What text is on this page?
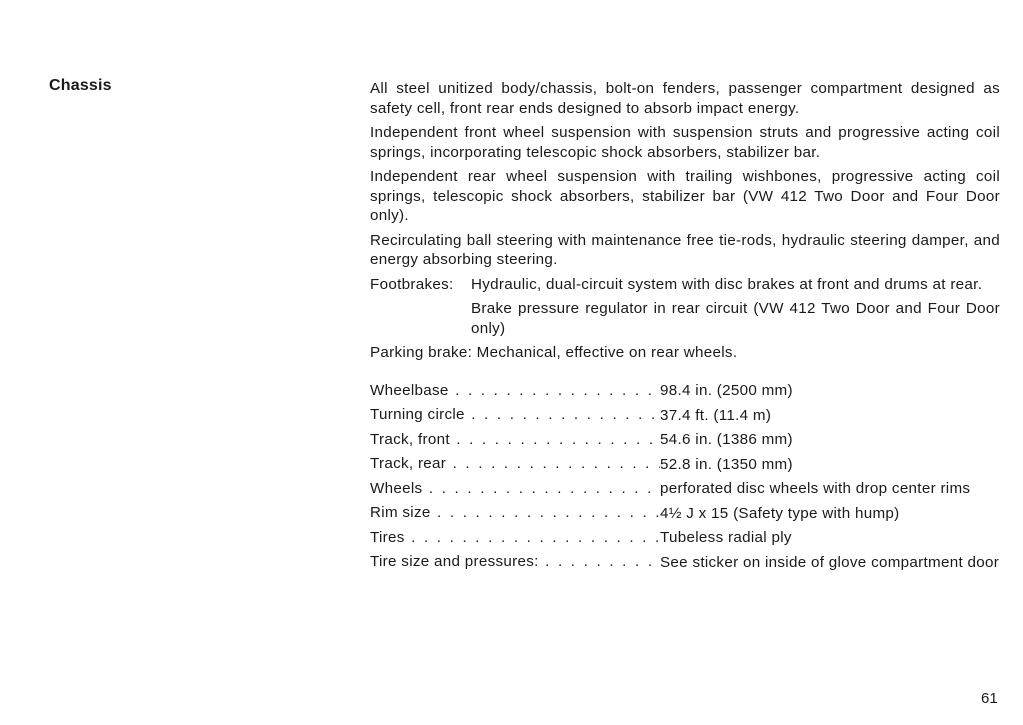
Chassis	All steel unitized body/chassis, bolt-on fenders, passenger compartment designed as safety cell, front rear ends designed to absorb impact energy.

Independent front wheel suspension with suspension struts and progressive acting coil springs, incorporating telescopic shock absorbers, stabilizer bar.

Independent rear wheel suspension with trailing wishbones, progressive acting coil springs, telescopic shock absorbers, stabilizer bar (VW 412 Two Door and Four Door only).

Recirculating ball steering with maintenance free tie-rods, hydraulic steering damper, and energy absorbing steering.

Footbrakes:	Hydraulic, dual-circuit system with disc brakes at front and drums at rear.

Brake pressure regulator in rear circuit (VW 412 Two Door and Four Door only)

Parking brake: Mechanical, effective on rear wheels.

Wheelbase . . .	98.4 in. (2500 mm)
Turning circle . . .	37.4 ft. (11.4 m)
Track, front . . .	54.6 in. (1386 mm)
Track, rear . . .	52.8 in. (1350 mm)
Wheels . . .	perforated disc wheels with drop center rims
Rim size . . .	4½ J x 15 (Safety type with hump)
Tires . . .	Tubeless radial ply
Tire size and pressures: . . .	See sticker on inside of glove compartment door
61
